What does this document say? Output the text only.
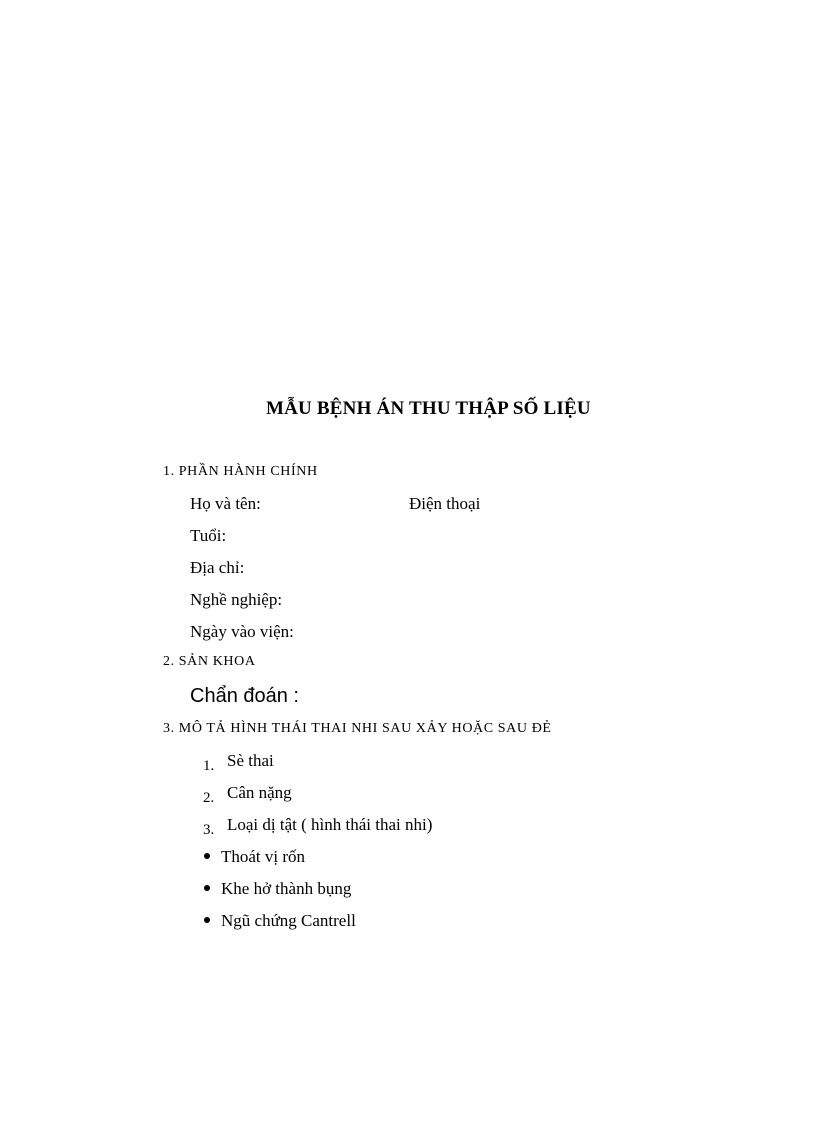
MẪU BỆNH ÁN THU THẬP SỐ LIỆU
1. PHẦN HÀNH CHÍNH
Họ và tên:	Điện thoại
Tuổi:
Địa chỉ:
Nghề nghiệp:
Ngày vào viện:
2. SẢN KHOA
Chẩn đoán :
3. MÔ TẢ HÌNH THÁI THAI NHI SAU XẢY HOẶC SAU ĐẺ
1. Sè thai
2. Cân nặng
3. Loại dị tật ( hình thái thai nhi)
Thoát vị rốn
Khe hở thành bụng
Ngũ chứng Cantrell
